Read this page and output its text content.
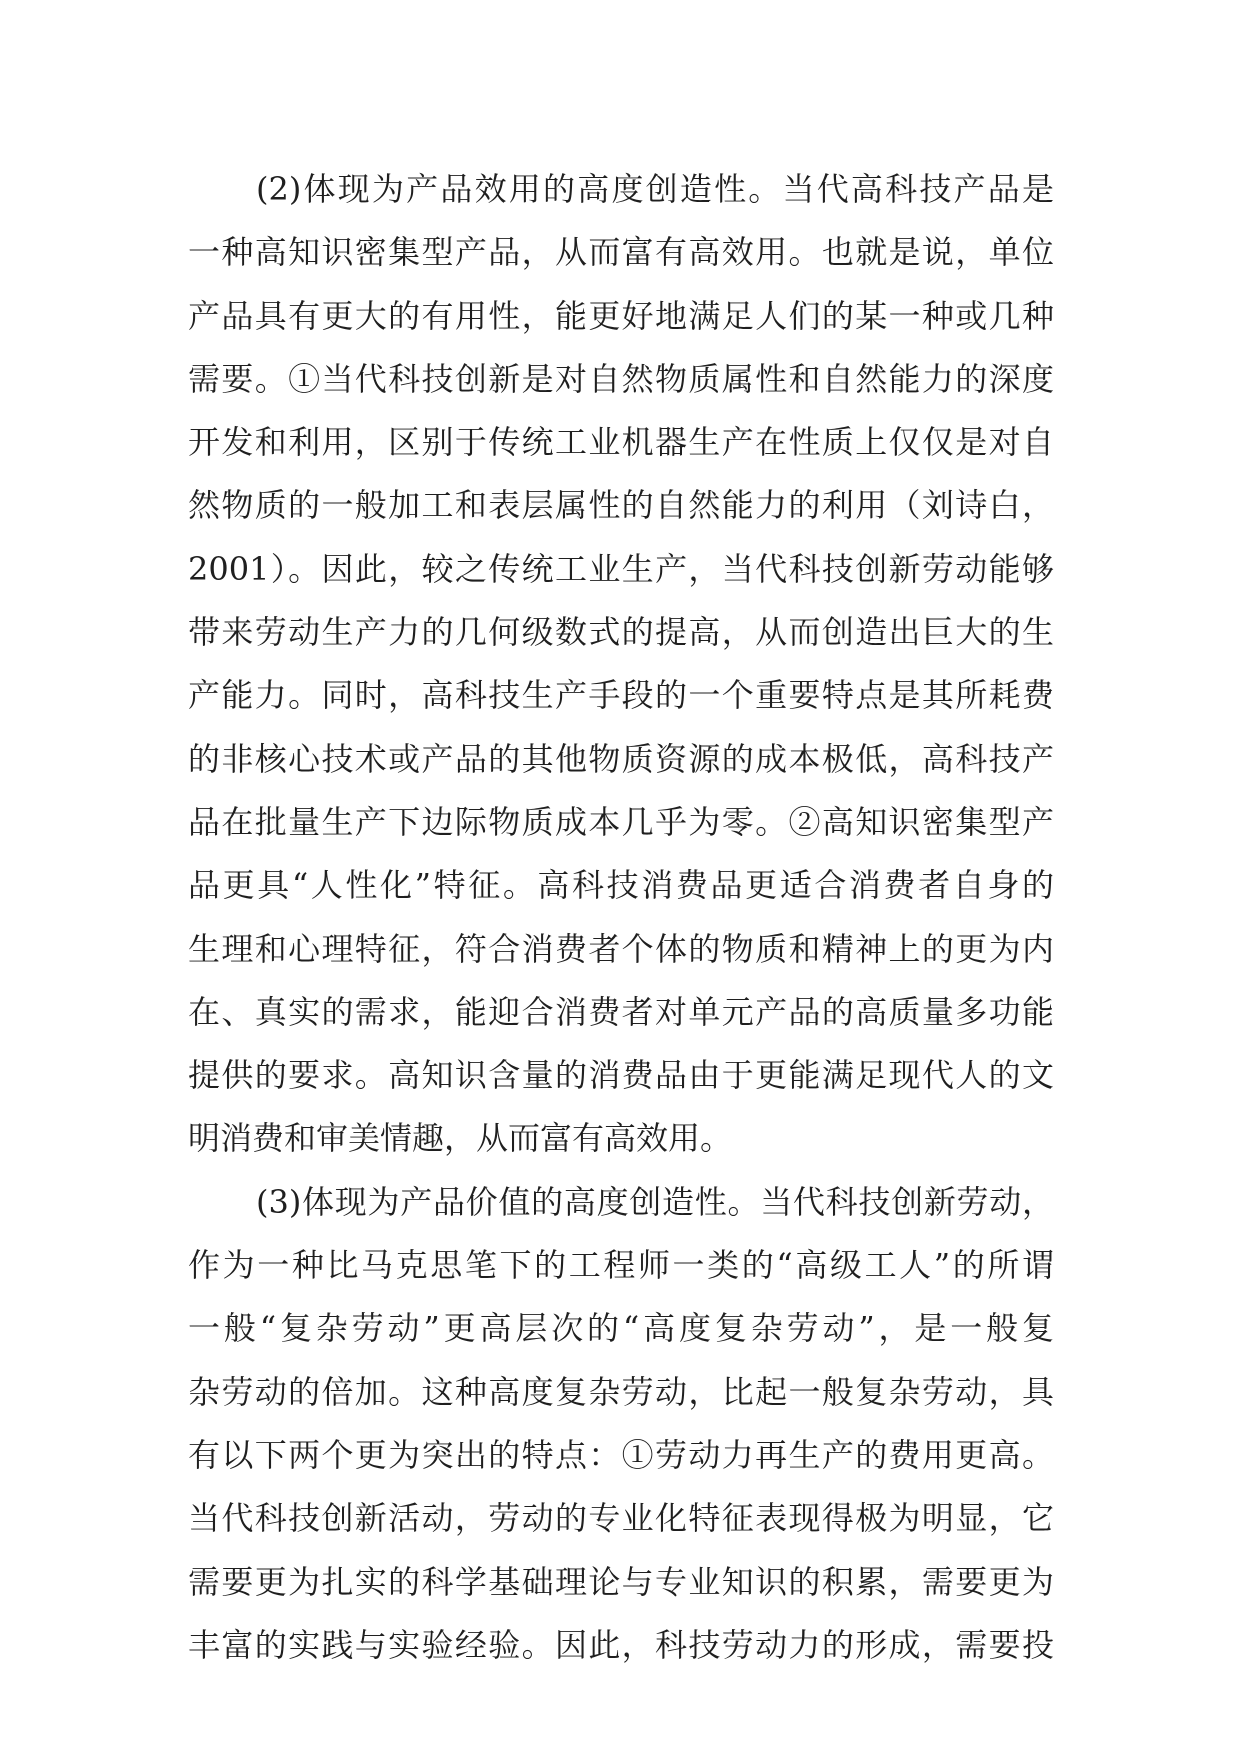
(2)体现为产品效用的高度创造性。当代高科技产品是
一种高知识密集型产品，从而富有高效用。也就是说，单位
产品具有更大的有用性，能更好地满足人们的某一种或几种
需要。①当代科技创新是对自然物质属性和自然能力的深度
开发和利用，区别于传统工业机器生产在性质上仅仅是对自
然物质的一般加工和表层属性的自然能力的利用（刘诗白，
2001）。因此，较之传统工业生产，当代科技创新劳动能够
带来劳动生产力的几何级数式的提高，从而创造出巨大的生
产能力。同时，高科技生产手段的一个重要特点是其所耗费
的非核心技术或产品的其他物质资源的成本极低，高科技产
品在批量生产下边际物质成本几乎为零。②高知识密集型产
品更具“人性化”特征。高科技消费品更适合消费者自身的
生理和心理特征，符合消费者个体的物质和精神上的更为内
在、真实的需求，能迎合消费者对单元产品的高质量多功能
提供的要求。高知识含量的消费品由于更能满足现代人的文
明消费和审美情趣，从而富有高效用。
(3)体现为产品价值的高度创造性。当代科技创新劳动，
作为一种比马克思笔下的工程师一类的“高级工人”的所谓
一般“复杂劳动”更高层次的“高度复杂劳动”，是一般复
杂劳动的倍加。这种高度复杂劳动，比起一般复杂劳动，具
有以下两个更为突出的特点：①劳动力再生产的费用更高。
当代科技创新活动，劳动的专业化特征表现得极为明显，它
需要更为扎实的科学基础理论与专业知识的积累，需要更为
丰富的实践与实验经验。因此，科技劳动力的形成，需要投
